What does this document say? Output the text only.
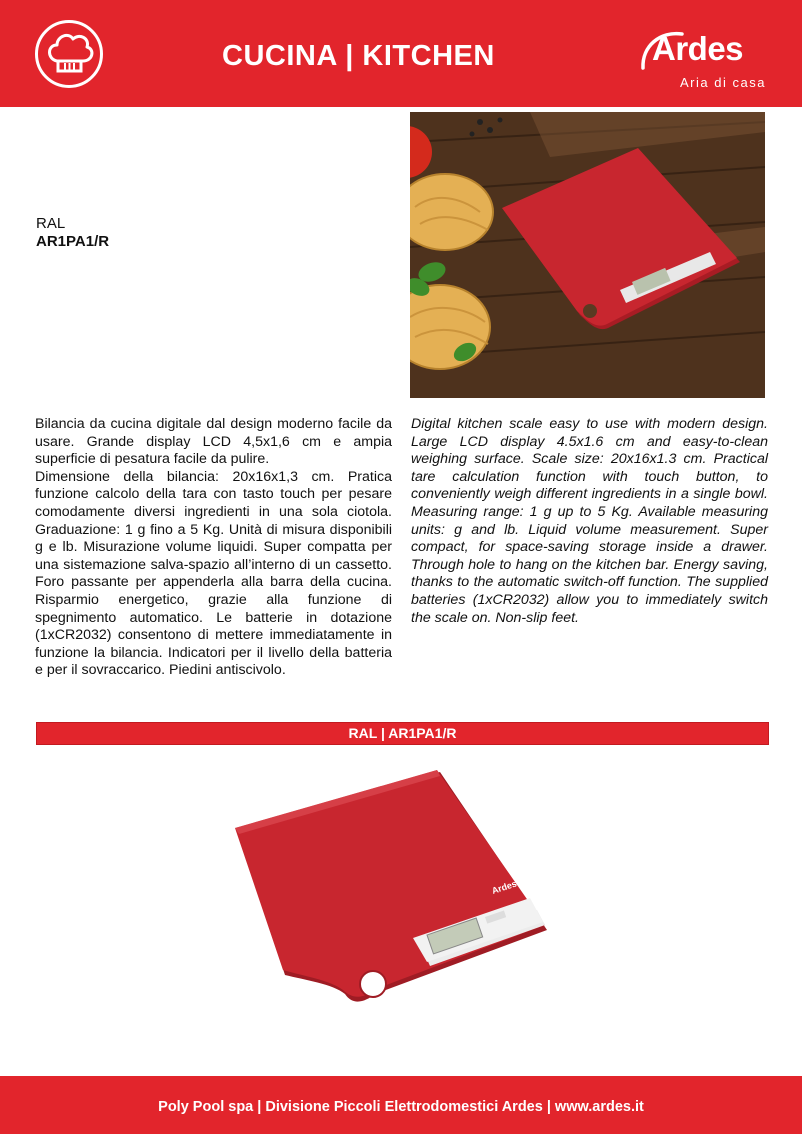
CUCINA | KITCHEN	Ardes
Aria di casa
RAL
AR1PA1/R

Bilancia da cucina digitale dal design moderno facile da usare. Grande display LCD 4,5x1,6 cm e ampia superficie di pesatura facile da pulire.

Dimensione della bilancia: 20x16x1,3 cm. Pratica funzione calcolo della tara con tasto touch per pesare comodamente diversi ingredienti in una sola ciotola. Graduazione: 1 g fino a 5 Kg. Unità di misura disponibili g e lb. Misurazione volume liquidi. Super compatta per una sistemazione salva-spazio all’interno di un cassetto. Foro passante per appenderla alla barra della cucina. Risparmio energetico, grazie alla funzione di spegnimento automatico. Le batterie in dotazione (1xCR2032) consentono di mettere immediatamente in funzione la bilancia. Indicatori per il livello della batteria e per il sovraccarico. Piedini antiscivolo.

Digital kitchen scale easy to use with modern design. Large LCD display 4.5x1.6 cm and easy-to-clean weighing surface. Scale size: 20x16x1.3 cm. Practical tare calculation function with touch button, to conveniently weigh different ingredients in a single bowl. Measuring range: 1 g up to 5 Kg. Available measuring units: g and lb. Liquid volume measurement. Super compact, for space-saving storage inside a drawer. Through hole to hang on the kitchen bar. Energy saving, thanks to the automatic switch-off function. The supplied batteries (1xCR2032) allow you to immediately switch the scale on. Non-slip feet.
RAL | AR1PA1/R
Ardes
Poly Pool spa | Divisione Piccoli Elettrodomestici Ardes | www.ardes.it
